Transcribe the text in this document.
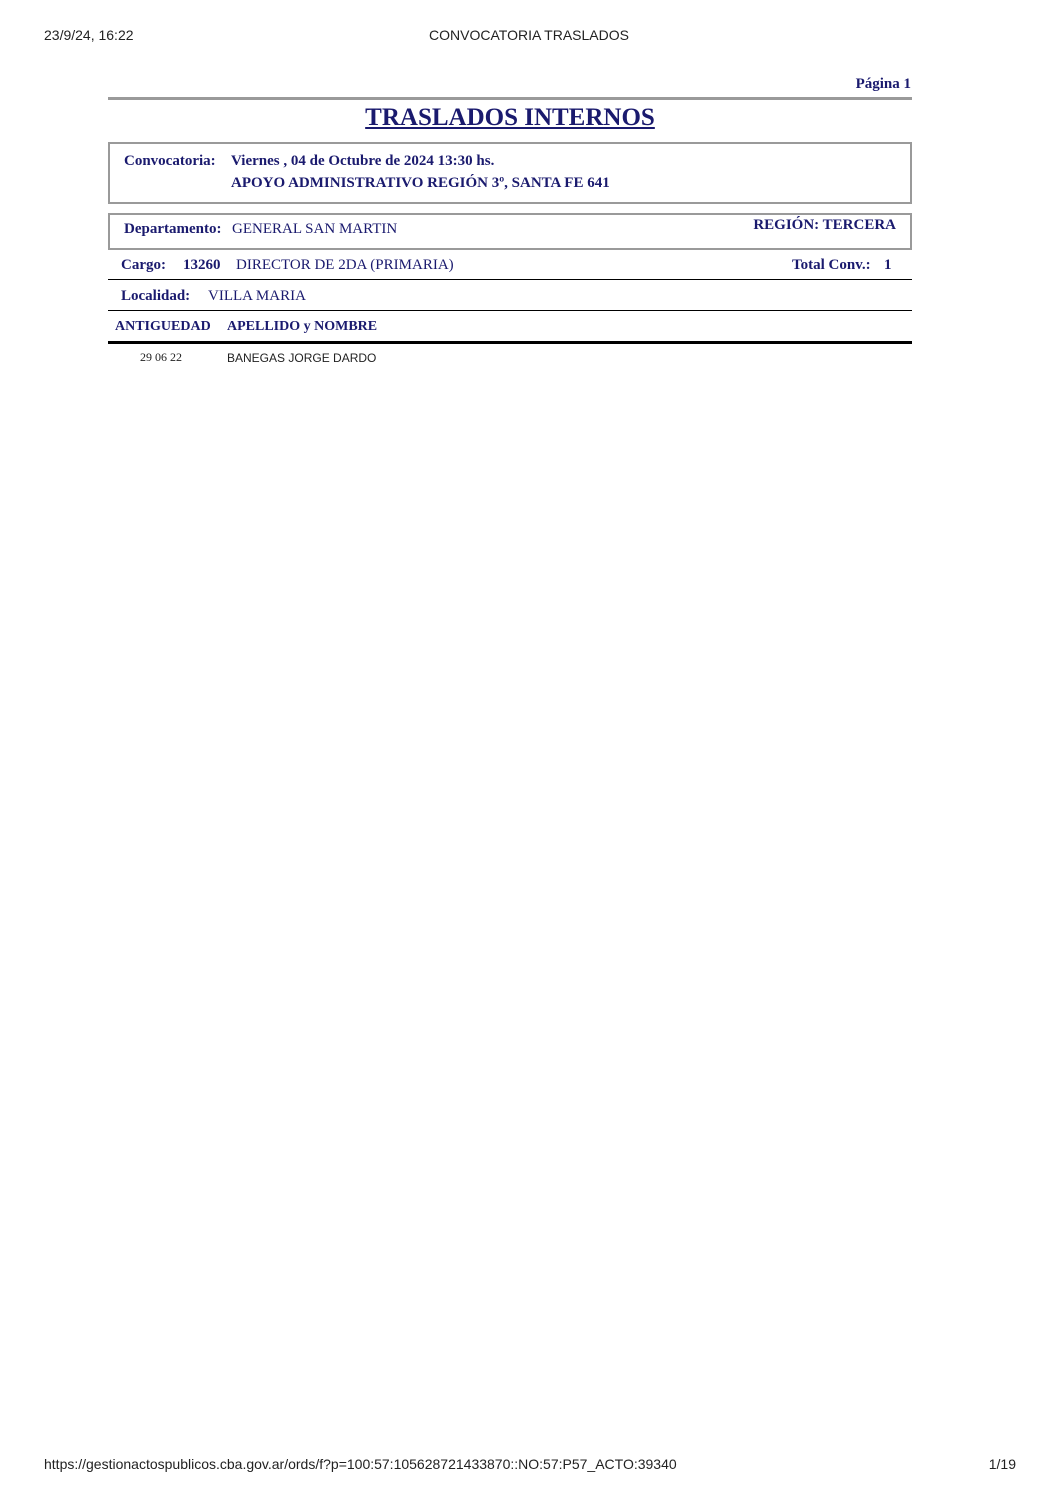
23/9/24, 16:22	CONVOCATORIA TRASLADOS
Página 1
TRASLADOS INTERNOS
Convocatoria: Viernes , 04 de Octubre de 2024 13:30 hs.
APOYO ADMINISTRATIVO REGIÓN 3º, SANTA FE 641
Departamento: GENERAL SAN MARTIN	REGIÓN: TERCERA
Cargo: 13260 DIRECTOR DE 2DA (PRIMARIA)	Total Conv.: 1
Localidad: VILLA MARIA
ANTIGUEDAD APELLIDO y NOMBRE
29 06 22	BANEGAS JORGE DARDO
https://gestionactospublicos.cba.gov.ar/ords/f?p=100:57:105628721433870::NO:57:P57_ACTO:39340	1/19
